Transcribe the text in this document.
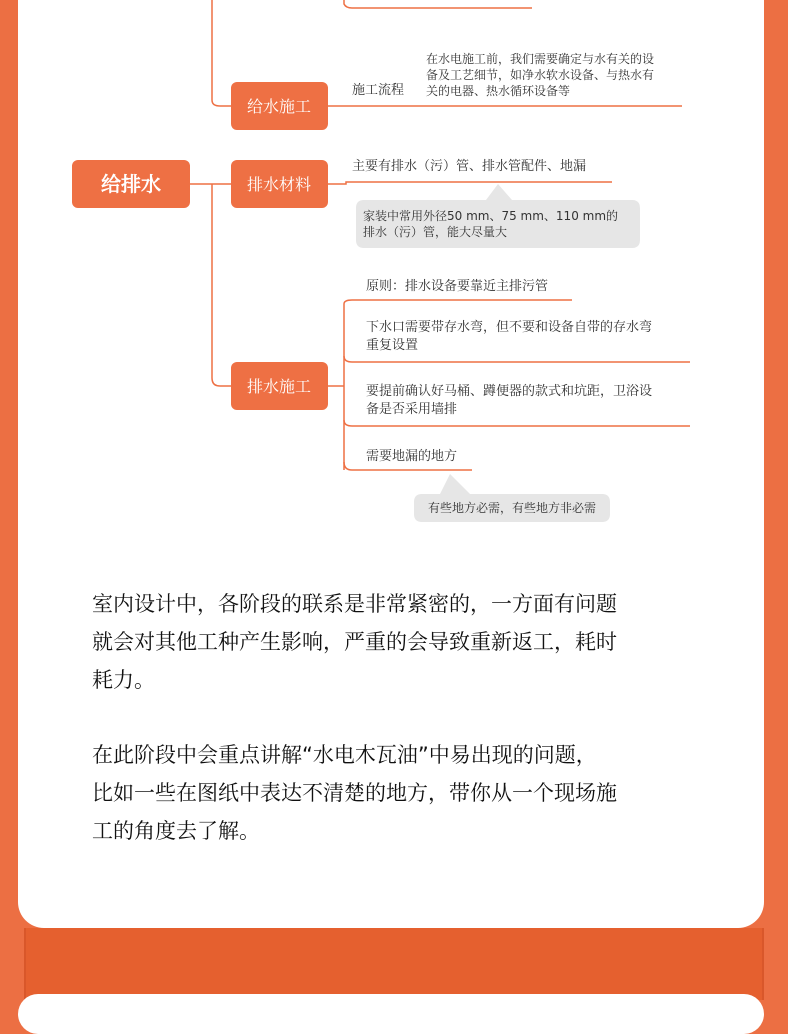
给排水
给水施工
排水材料
排水施工
施工流程
在水电施工前，我们需要确定与水有关的设
备及工艺细节，如净水软水设备、与热水有
关的电器、热水循环设备等
主要有排水（污）管、排水管配件、地漏
家装中常用外径50 mm、75 mm、110 mm的
排水（污）管，能大尽量大
原则：排水设备要靠近主排污管
下水口需要带存水弯，但不要和设备自带的存水弯
重复设置
要提前确认好马桶、蹲便器的款式和坑距，卫浴设
备是否采用墙排
需要地漏的地方
有些地方必需，有些地方非必需

室内设计中，各阶段的联系是非常紧密的，一方面有问题
就会对其他工种产生影响，严重的会导致重新返工，耗时
耗力。

在此阶段中会重点讲解“水电木瓦油”中易出现的问题，
比如一些在图纸中表达不清楚的地方，带你从一个现场施
工的角度去了解。
